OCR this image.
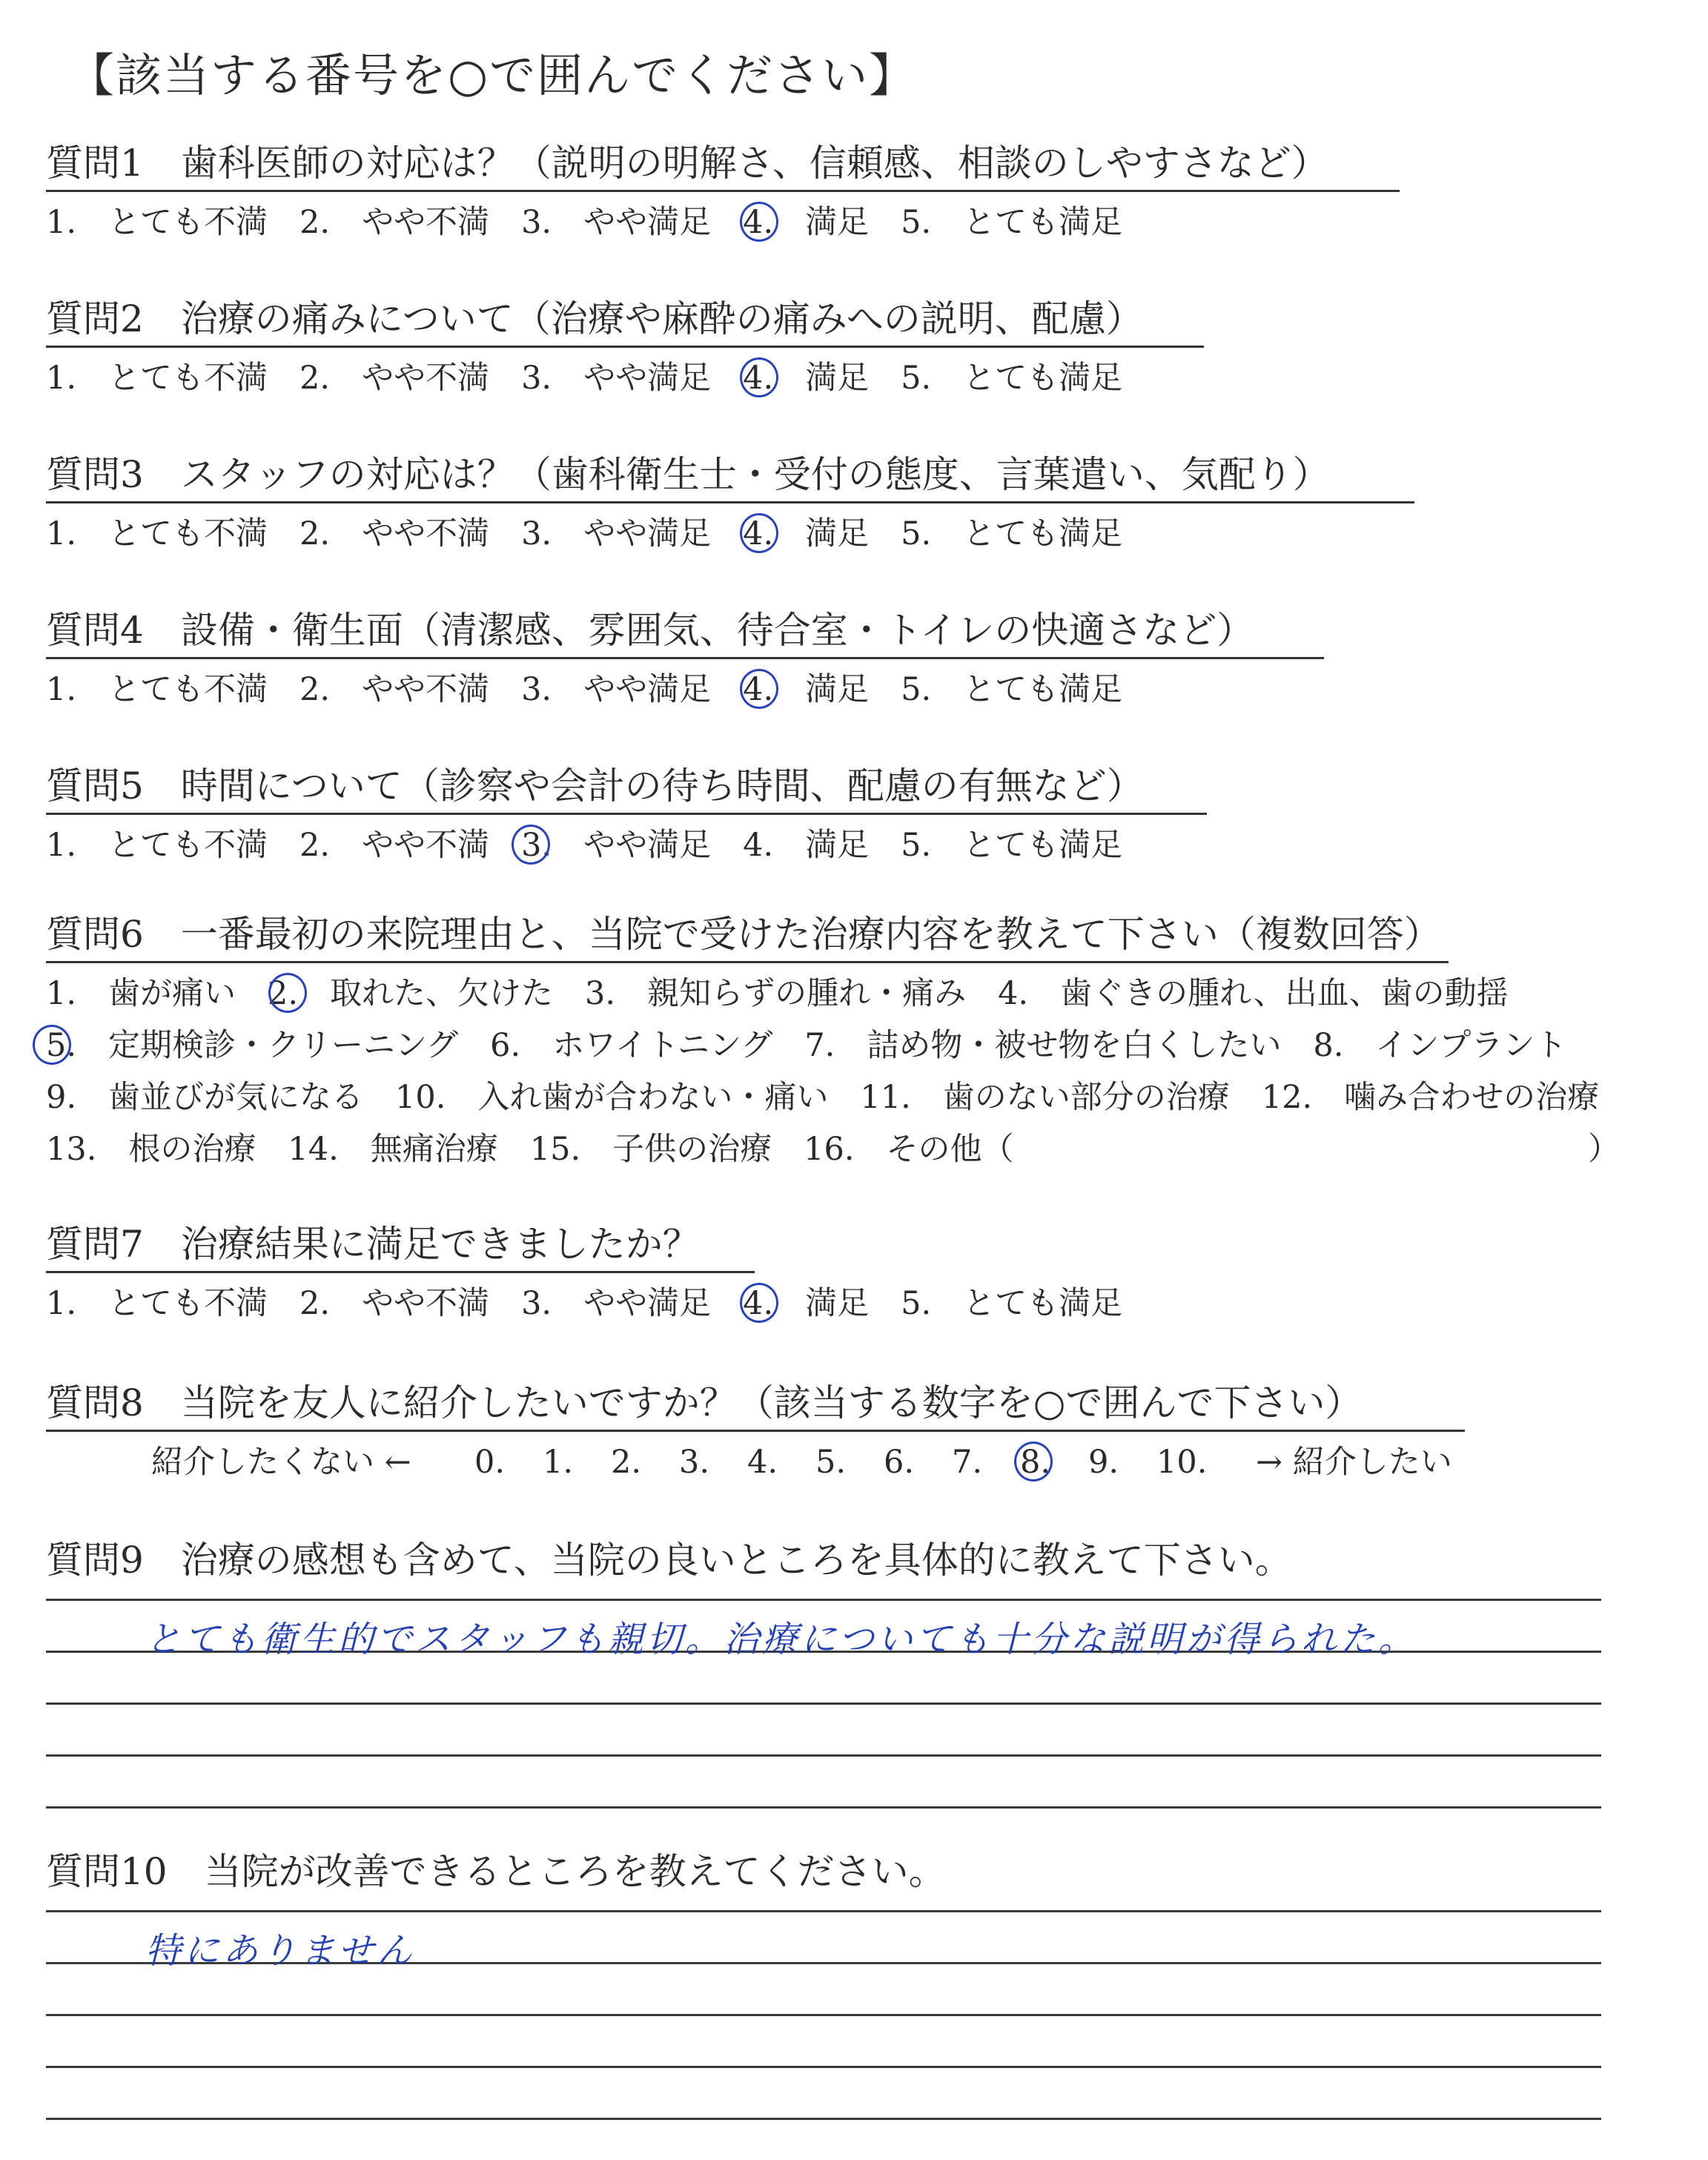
【該当する番号を○で囲んでください】
質問1　歯科医師の対応は？（説明の明解さ、信頼感、相談のしやすさなど）
1.　 とても不満　 2.　 やや不満　 3.　 やや満足　 4.　 満足　 5.　 とても満足
質問2　治療の痛みについて（治療や麻酔の痛みへの説明、配慮）
1.　 とても不満　 2.　 やや不満　 3.　 やや満足　 4.　 満足　 5.　 とても満足
質問3　スタッフの対応は？（歯科衛生士・受付の態度、言葉遣い、気配り）
1.　 とても不満　 2.　 やや不満　 3.　 やや満足　 4.　 満足　 5.　 とても満足
質問4　設備・衛生面（清潔感、雰囲気、待合室・トイレの快適さなど）
1.　 とても不満　 2.　 やや不満　 3.　 やや満足　 4.　 満足　 5.　 とても満足
質問5　時間について（診察や会計の待ち時間、配慮の有無など）
1.　 とても不満　 2.　 やや不満　 3.　 やや満足　 4.　 満足　 5.　 とても満足
質問6　一番最初の来院理由と、当院で受けた治療内容を教えて下さい（複数回答）
1.　歯が痛い　2.　取れた、欠けた　3.　親知らずの腫れ・痛み　4.　歯ぐきの腫れ、出血、歯の動揺
5.　定期検診・クリーニング　6.　ホワイトニング　7.　詰め物・被せ物を白くしたい　8.　インプラント
9.　歯並びが気になる　10.　入れ歯が合わない・痛い　11.　歯のない部分の治療　12.　噛み合わせの治療
13.　根の治療　14.　無痛治療　15.　子供の治療　16.　その他（	）
質問7　治療結果に満足できましたか？
1.　 とても不満　 2.　 やや不満　 3.　 やや満足　 4.　 満足　 5.　 とても満足
質問8　当院を友人に紹介したいですか？（該当する数字を○で囲んで下さい）
紹介したくない ← 0. 1. 2. 3. 4. 5. 6. 7. 8. 9. 10. → 紹介したい
質問9　治療の感想も含めて、当院の良いところを具体的に教えて下さい。
とても衛生的でスタッフも親切。治療についても十分な説明が得られた。
質問10　当院が改善できるところを教えてください。
特にありません
